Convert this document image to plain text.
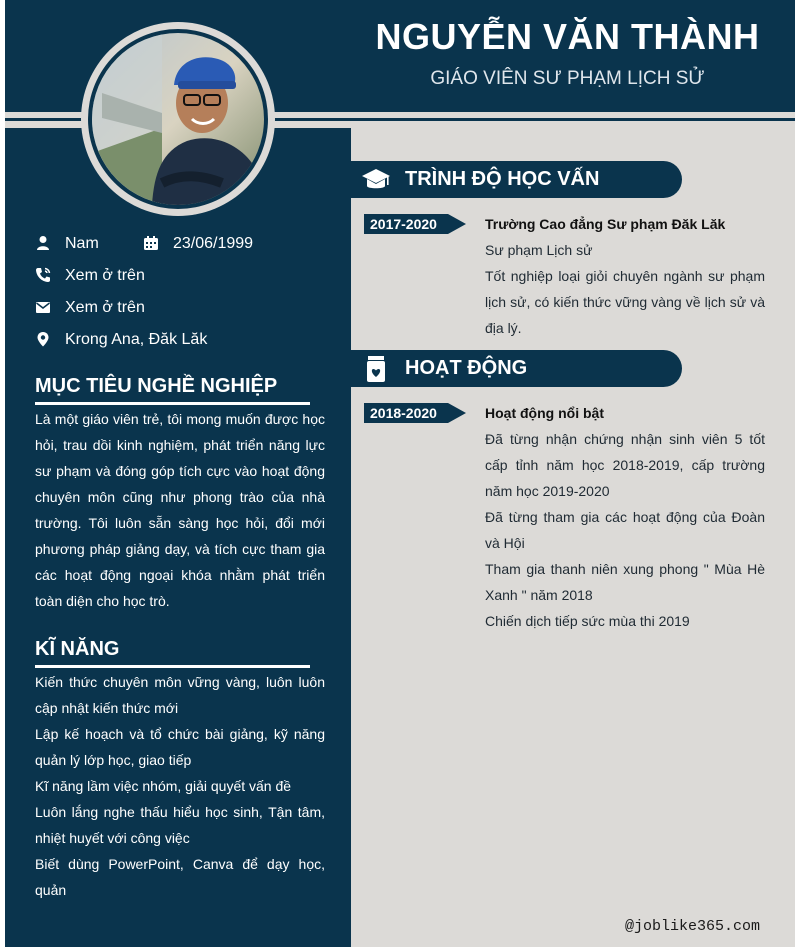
NGUYỄN VĂN THÀNH
GIÁO VIÊN SƯ PHẠM LỊCH SỬ
Nam	23/06/1999
Xem ở trên
Xem ở trên
Krong Ana, Đăk Lăk
MỤC TIÊU NGHỀ NGHIỆP
Là một giáo viên trẻ, tôi mong muốn được học hỏi, trau dồi kinh nghiệm, phát triển năng lực sư phạm và đóng góp tích cực vào hoạt động chuyên môn cũng như phong trào của nhà trường. Tôi luôn sẵn sàng học hỏi, đổi mới phương pháp giảng dạy, và tích cực tham gia các hoạt động ngoại khóa nhằm phát triển toàn diện cho học trò.
KĨ NĂNG

Kiến thức chuyên môn vững vàng, luôn luôn cập nhật kiến thức mới

Lập kế hoạch và tổ chức bài giảng, kỹ năng quản lý lớp học, giao tiếp

Kĩ năng lầm việc nhóm, giải quyết vấn đề

Luôn lắng nghe thấu hiểu học sinh, Tận tâm, nhiệt huyết với công việc

Biết dùng PowerPoint, Canva để dạy học, quản

TRÌNH ĐỘ HỌC VẤN
2017-2020	Trường Cao đẳng Sư phạm Đăk Lăk

Sư phạm Lịch sử

Tốt nghiệp loại giỏi chuyên ngành sư phạm lịch sử, có kiến thức vững vàng về lịch sử và địa lý.

HOẠT ĐỘNG
2018-2020	Hoạt động nổi bật

Đã từng nhận chứng nhận sinh viên 5 tốt cấp tỉnh năm học 2018-2019, cấp trường năm học 2019-2020

Đã từng tham gia các hoạt động của Đoàn và Hội

Tham gia thanh niên xung phong " Mùa Hè Xanh " năm 2018

Chiến dịch tiếp sức mùa thi 2019

@joblike365.com
